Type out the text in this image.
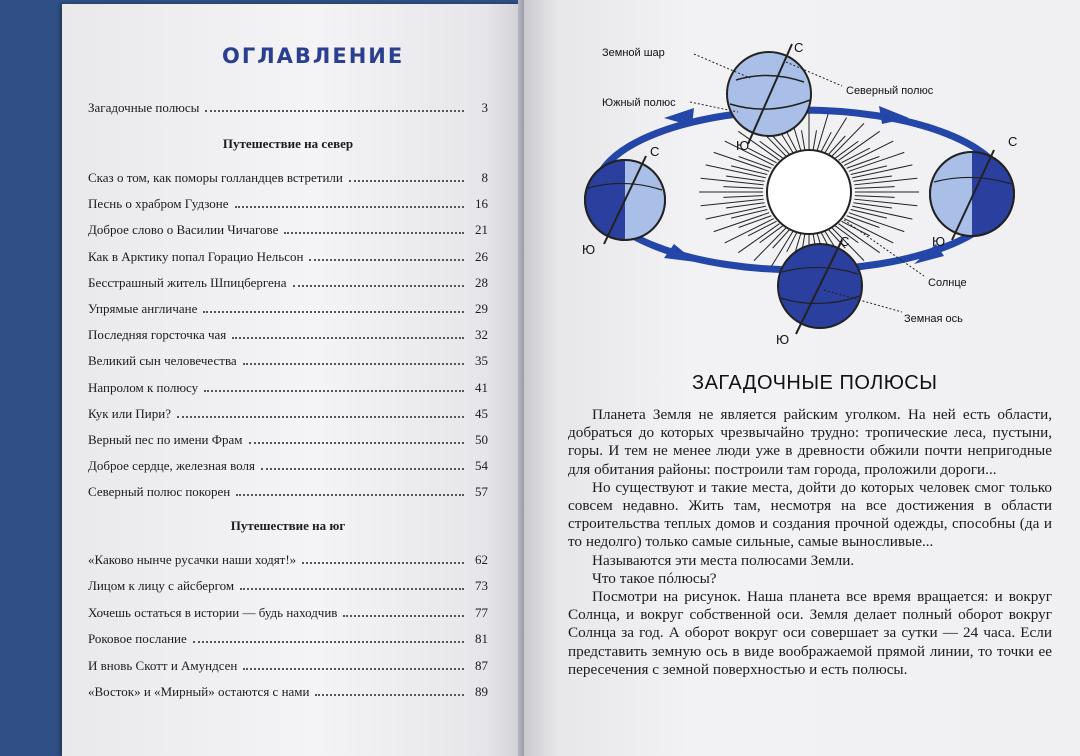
ОГЛАВЛЕНИЕ
Загадочные полюсы	3
Путешествие на север
Сказ о том, как поморы голландцев встретили	8
Песнь о храбром Гудзоне	16
Доброе слово о Василии Чичагове	21
Как в Арктику попал Горацио Нельсон	26
Бесстрашный житель Шпицбергена	28
Упрямые англичане	29
Последняя горсточка чая	32
Великий сын человечества	35
Напролом к полюсу	41
Кук или Пири?	45
Верный пес по имени Фрам	50
Доброе сердце, железная воля	54
Северный полюс покорен	57
Путешествие на юг
«Каково нынче русачки наши ходят!»	62
Лицом к лицу с айсбергом	73
Хочешь остаться в истории — будь находчив	77
Роковое послание	81
И вновь Скотт и Амундсен	87
«Восток» и «Мирный» остаются с нами	89
Земной шар
Южный полюс
Северный полюс
Солнце
Земная ось
С
Ю
С
Ю
С
Ю
С
Ю
ЗАГАДОЧНЫЕ ПОЛЮСЫ

Планета Земля не является райским уголком. На ней есть области, добраться до которых чрезвычайно трудно: тропические леса, пустыни, горы. И тем не менее люди уже в древности обжили почти непригодные для обитания районы: построили там города, проложили дороги...

Но существуют и такие места, дойти до которых человек смог только совсем недавно. Жить там, несмотря на все достижения в области строительства теплых домов и создания прочной одежды, способны (да и то недолго) только самые сильные, самые выносливые...

Называются эти места полюсами Земли.

Что такое пóлюсы?

Посмотри на рисунок. Наша планета все время вращается: и вокруг Солнца, и вокруг собственной оси. Земля делает полный оборот вокруг Солнца за год. А оборот вокруг оси совершает за сутки — 24 часа. Если представить земную ось в виде воображаемой прямой линии, то точки ее пересечения с земной поверхностью и есть полюсы.
